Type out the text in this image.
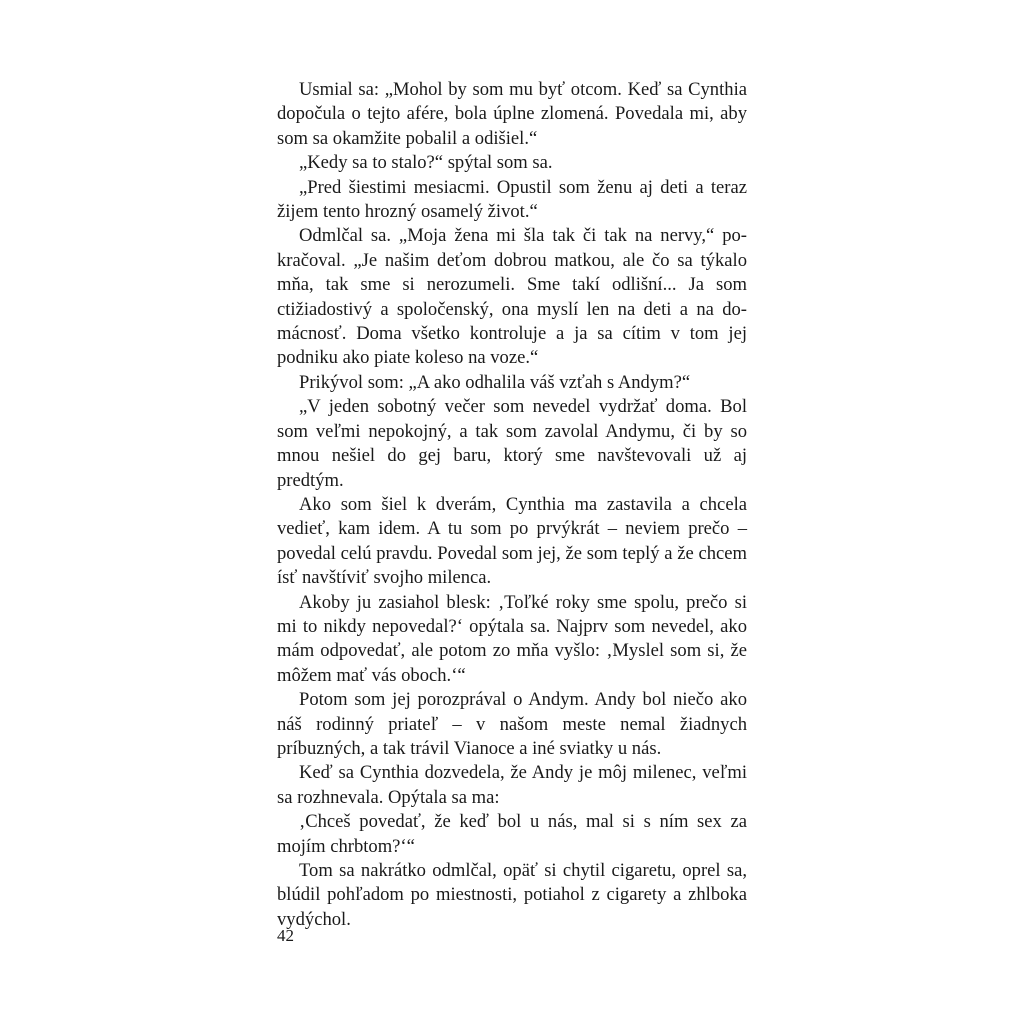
Usmial sa: „Mohol by som mu byť otcom. Keď sa Cynthia dopočula o tejto afére, bola úplne zlomená. Povedala mi, aby som sa okamžite pobalil a odišiel.“

„Kedy sa to stalo?“ spýtal som sa.

„Pred šiestimi mesiacmi. Opustil som ženu aj deti a teraz žijem tento hrozný osamelý život.“

Odmlčal sa. „Moja žena mi šla tak či tak na nervy,“ pokračoval. „Je našim deťom dobrou matkou, ale čo sa týkalo mňa, tak sme si nerozumeli. Sme takí odlišní... Ja som ctižiadostivý a spoločenský, ona myslí len na deti a na domácnosť. Doma všetko kontroluje a ja sa cítim v tom jej podniku ako piate koleso na voze.“

Prikývol som: „A ako odhalila váš vzťah s Andym?“

„V jeden sobotný večer som nevedel vydržať doma. Bol som veľmi nepokojný, a tak som zavolal Andymu, či by so mnou nešiel do gej baru, ktorý sme navštevovali už aj predtým.

Ako som šiel k dverám, Cynthia ma zastavila a chcela vedieť, kam idem. A tu som po prvýkrát – neviem prečo – povedal celú pravdu. Povedal som jej, že som teplý a že chcem ísť navštíviť svojho milenca.

Akoby ju zasiahol blesk: ‚Toľké roky sme spolu, prečo si mi to nikdy nepovedal?‘ opýtala sa. Najprv som nevedel, ako mám odpovedať, ale potom zo mňa vyšlo: ‚Myslel som si, že môžem mať vás oboch.‘“

Potom som jej porozprával o Andym. Andy bol niečo ako náš rodinný priateľ – v našom meste nemal žiadnych príbuzných, a tak trávil Vianoce a iné sviatky u nás.

Keď sa Cynthia dozvedela, že Andy je môj milenec, veľmi sa rozhnevala. Opýtala sa ma:

‚Chceš povedať, že keď bol u nás, mal si s ním sex za mojím chrbtom?‘“

Tom sa nakrátko odmlčal, opäť si chytil cigaretu, oprel sa, blúdil pohľadom po miestnosti, potiahol z cigarety a zhlboka vydýchol.

42
